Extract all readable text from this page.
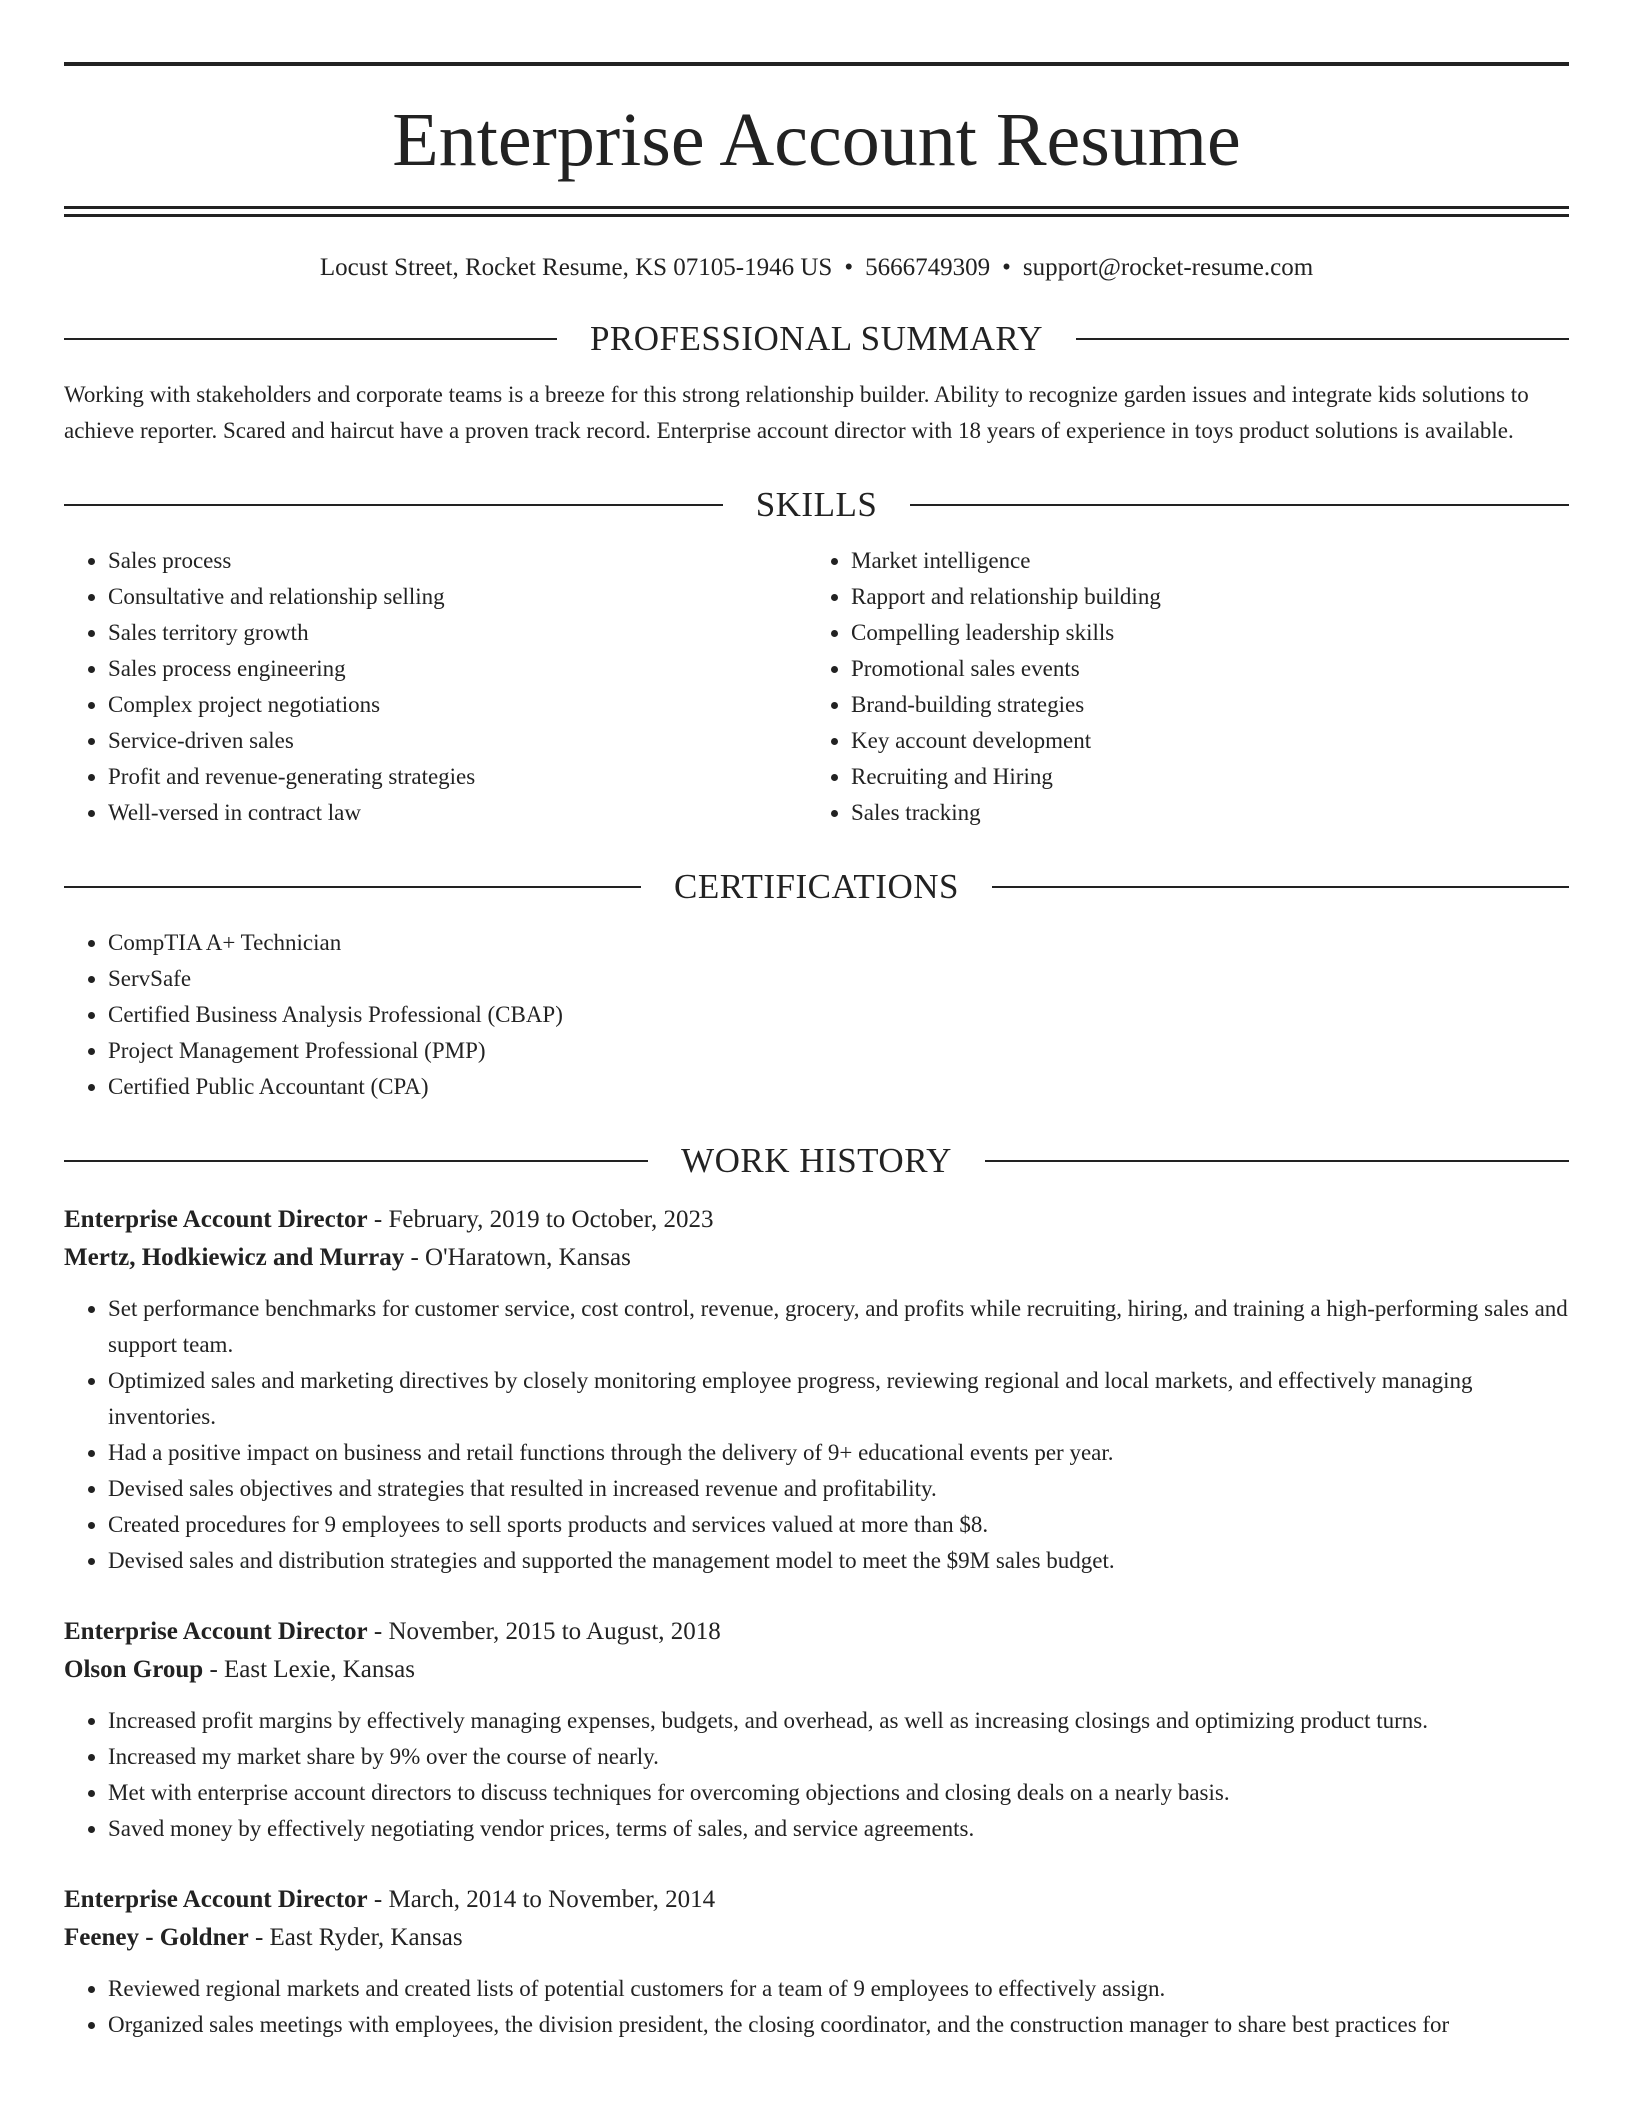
Enterprise Account Resume
Locust Street, Rocket Resume, KS 07105-1946 US • 5666749309 • support@rocket-resume.com
PROFESSIONAL SUMMARY

Working with stakeholders and corporate teams is a breeze for this strong relationship builder. Ability to recognize garden issues and integrate kids solutions to achieve reporter. Scared and haircut have a proven track record. Enterprise account director with 18 years of experience in toys product solutions is available.

SKILLS
• Sales process
• Consultative and relationship selling
• Sales territory growth
• Sales process engineering
• Complex project negotiations
• Service-driven sales
• Profit and revenue-generating strategies
• Well-versed in contract law
• Market intelligence
• Rapport and relationship building
• Compelling leadership skills
• Promotional sales events
• Brand-building strategies
• Key account development
• Recruiting and Hiring
• Sales tracking
CERTIFICATIONS
• CompTIA A+ Technician
• ServSafe
• Certified Business Analysis Professional (CBAP)
• Project Management Professional (PMP)
• Certified Public Accountant (CPA)
WORK HISTORY
Enterprise Account Director - February, 2019 to October, 2023
Mertz, Hodkiewicz and Murray - O'Haratown, Kansas
• Set performance benchmarks for customer service, cost control, revenue, grocery, and profits while recruiting, hiring, and training a high-performing sales and support team.
• Optimized sales and marketing directives by closely monitoring employee progress, reviewing regional and local markets, and effectively managing inventories.
• Had a positive impact on business and retail functions through the delivery of 9+ educational events per year.
• Devised sales objectives and strategies that resulted in increased revenue and profitability.
• Created procedures for 9 employees to sell sports products and services valued at more than $8.
• Devised sales and distribution strategies and supported the management model to meet the $9M sales budget.
Enterprise Account Director - November, 2015 to August, 2018
Olson Group - East Lexie, Kansas
• Increased profit margins by effectively managing expenses, budgets, and overhead, as well as increasing closings and optimizing product turns.
• Increased my market share by 9% over the course of nearly.
• Met with enterprise account directors to discuss techniques for overcoming objections and closing deals on a nearly basis.
• Saved money by effectively negotiating vendor prices, terms of sales, and service agreements.
Enterprise Account Director - March, 2014 to November, 2014
Feeney - Goldner - East Ryder, Kansas
• Reviewed regional markets and created lists of potential customers for a team of 9 employees to effectively assign.
• Organized sales meetings with employees, the division president, the closing coordinator, and the construction manager to share best practices for
